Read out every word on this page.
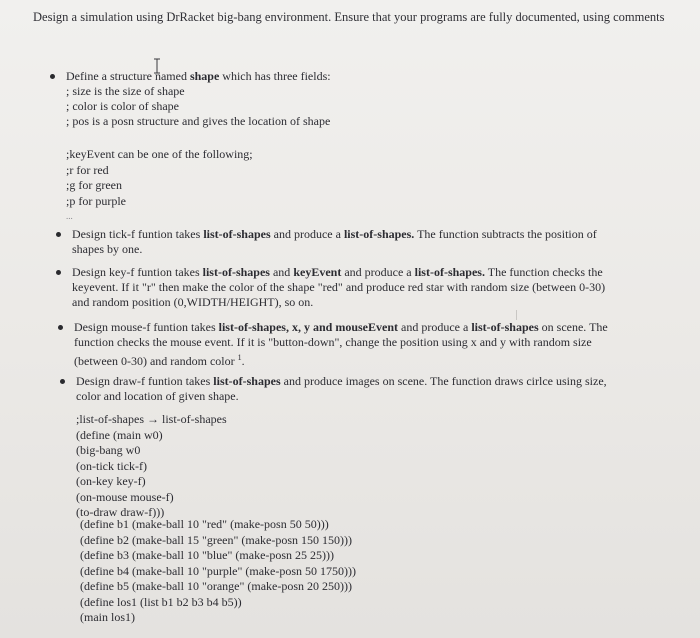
Design a simulation using DrRacket big-bang environment. Ensure that your programs are fully documented, using comments
Define a structure named shape which has three fields:
; size is the size of shape
; color is color of shape
; pos is a posn structure and gives the location of shape
Design tick-f funtion takes list-of-shapes and produce a list-of-shapes. The function subtracts the position of shapes by one.
Design key-f funtion takes list-of-shapes and keyEvent and produce a list-of-shapes. The function checks the keyevent. If it "r" then make the color of the shape "red" and produce red star with random size (between 0-30) and random position (0,WIDTH/HEIGHT), so on.
Design mouse-f funtion takes list-of-shapes, x, y and mouseEvent and produce a list-of-shapes on scene. The function checks the mouse event. If it is "button-down", change the position using x and y with random size (between 0-30) and random color $^1$.
Design draw-f funtion takes list-of-shapes and produce images on scene. The function draws cirlce using size, color and location of given shape.
;keyEvent can be one of the following;
;r for red
;g for green
;p for purple
...
;list-of-shapes → list-of-shapes
(define (main w0)
(big-bang w0
(on-tick tick-f)
(on-key key-f)
(on-mouse mouse-f)
(to-draw draw-f)))
(define b1 (make-ball 10 "red" (make-posn 50 50)))
(define b2 (make-ball 15 "green" (make-posn 150 150)))
(define b3 (make-ball 10 "blue" (make-posn 25 25)))
(define b4 (make-ball 10 "purple" (make-posn 50 1750)))
(define b5 (make-ball 10 "orange" (make-posn 20 250)))
(define los1 (list b1 b2 b3 b4 b5))
(main los1)
